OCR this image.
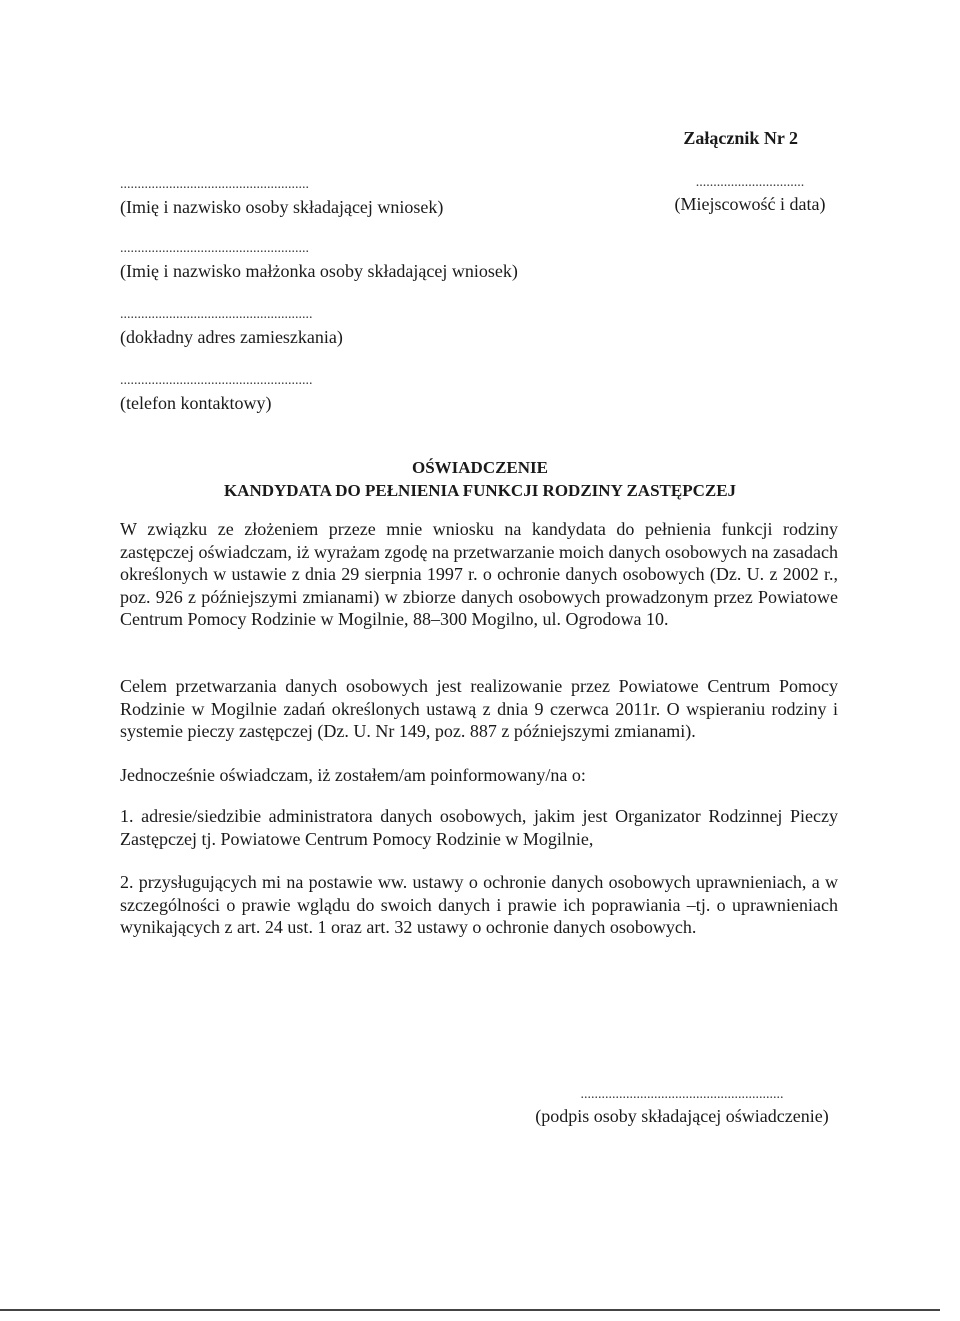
Załącznik Nr 2
......................................................
(Imię i nazwisko osoby składającej wniosek)
...............................
(Miejscowość i data)
......................................................
(Imię i nazwisko małżonka osoby składającej wniosek)
.......................................................
(dokładny adres zamieszkania)
.......................................................
(telefon kontaktowy)
OŚWIADCZENIE
KANDYDATA DO PEŁNIENIA FUNKCJI RODZINY ZASTĘPCZEJ
W związku ze złożeniem przeze mnie wniosku na kandydata do pełnienia funkcji rodziny zastępczej oświadczam, iż wyrażam zgodę na przetwarzanie moich danych osobowych na zasadach określonych w ustawie z dnia 29 sierpnia 1997 r. o ochronie danych osobowych (Dz. U. z 2002 r., poz. 926 z późniejszymi zmianami) w zbiorze danych osobowych prowadzonym przez Powiatowe Centrum Pomocy Rodzinie w Mogilnie, 88–300 Mogilno, ul. Ogrodowa 10.
Celem przetwarzania danych osobowych jest realizowanie przez Powiatowe Centrum Pomocy Rodzinie w Mogilnie zadań określonych ustawą z dnia 9 czerwca 2011r. O wspieraniu rodziny i systemie pieczy zastępczej (Dz. U. Nr 149, poz. 887 z późniejszymi zmianami).
Jednocześnie oświadczam, iż zostałem/am poinformowany/na o:
1. adresie/siedzibie administratora danych osobowych, jakim jest Organizator Rodzinnej Pieczy Zastępczej tj. Powiatowe Centrum Pomocy Rodzinie w Mogilnie,
2. przysługujących mi na postawie ww. ustawy o ochronie danych osobowych uprawnieniach, a w szczególności o prawie wglądu do swoich danych i prawie ich poprawiania –tj. o uprawnieniach wynikających z art. 24 ust. 1 oraz art. 32 ustawy o ochronie danych osobowych.
..........................................................
(podpis osoby składającej oświadczenie)
